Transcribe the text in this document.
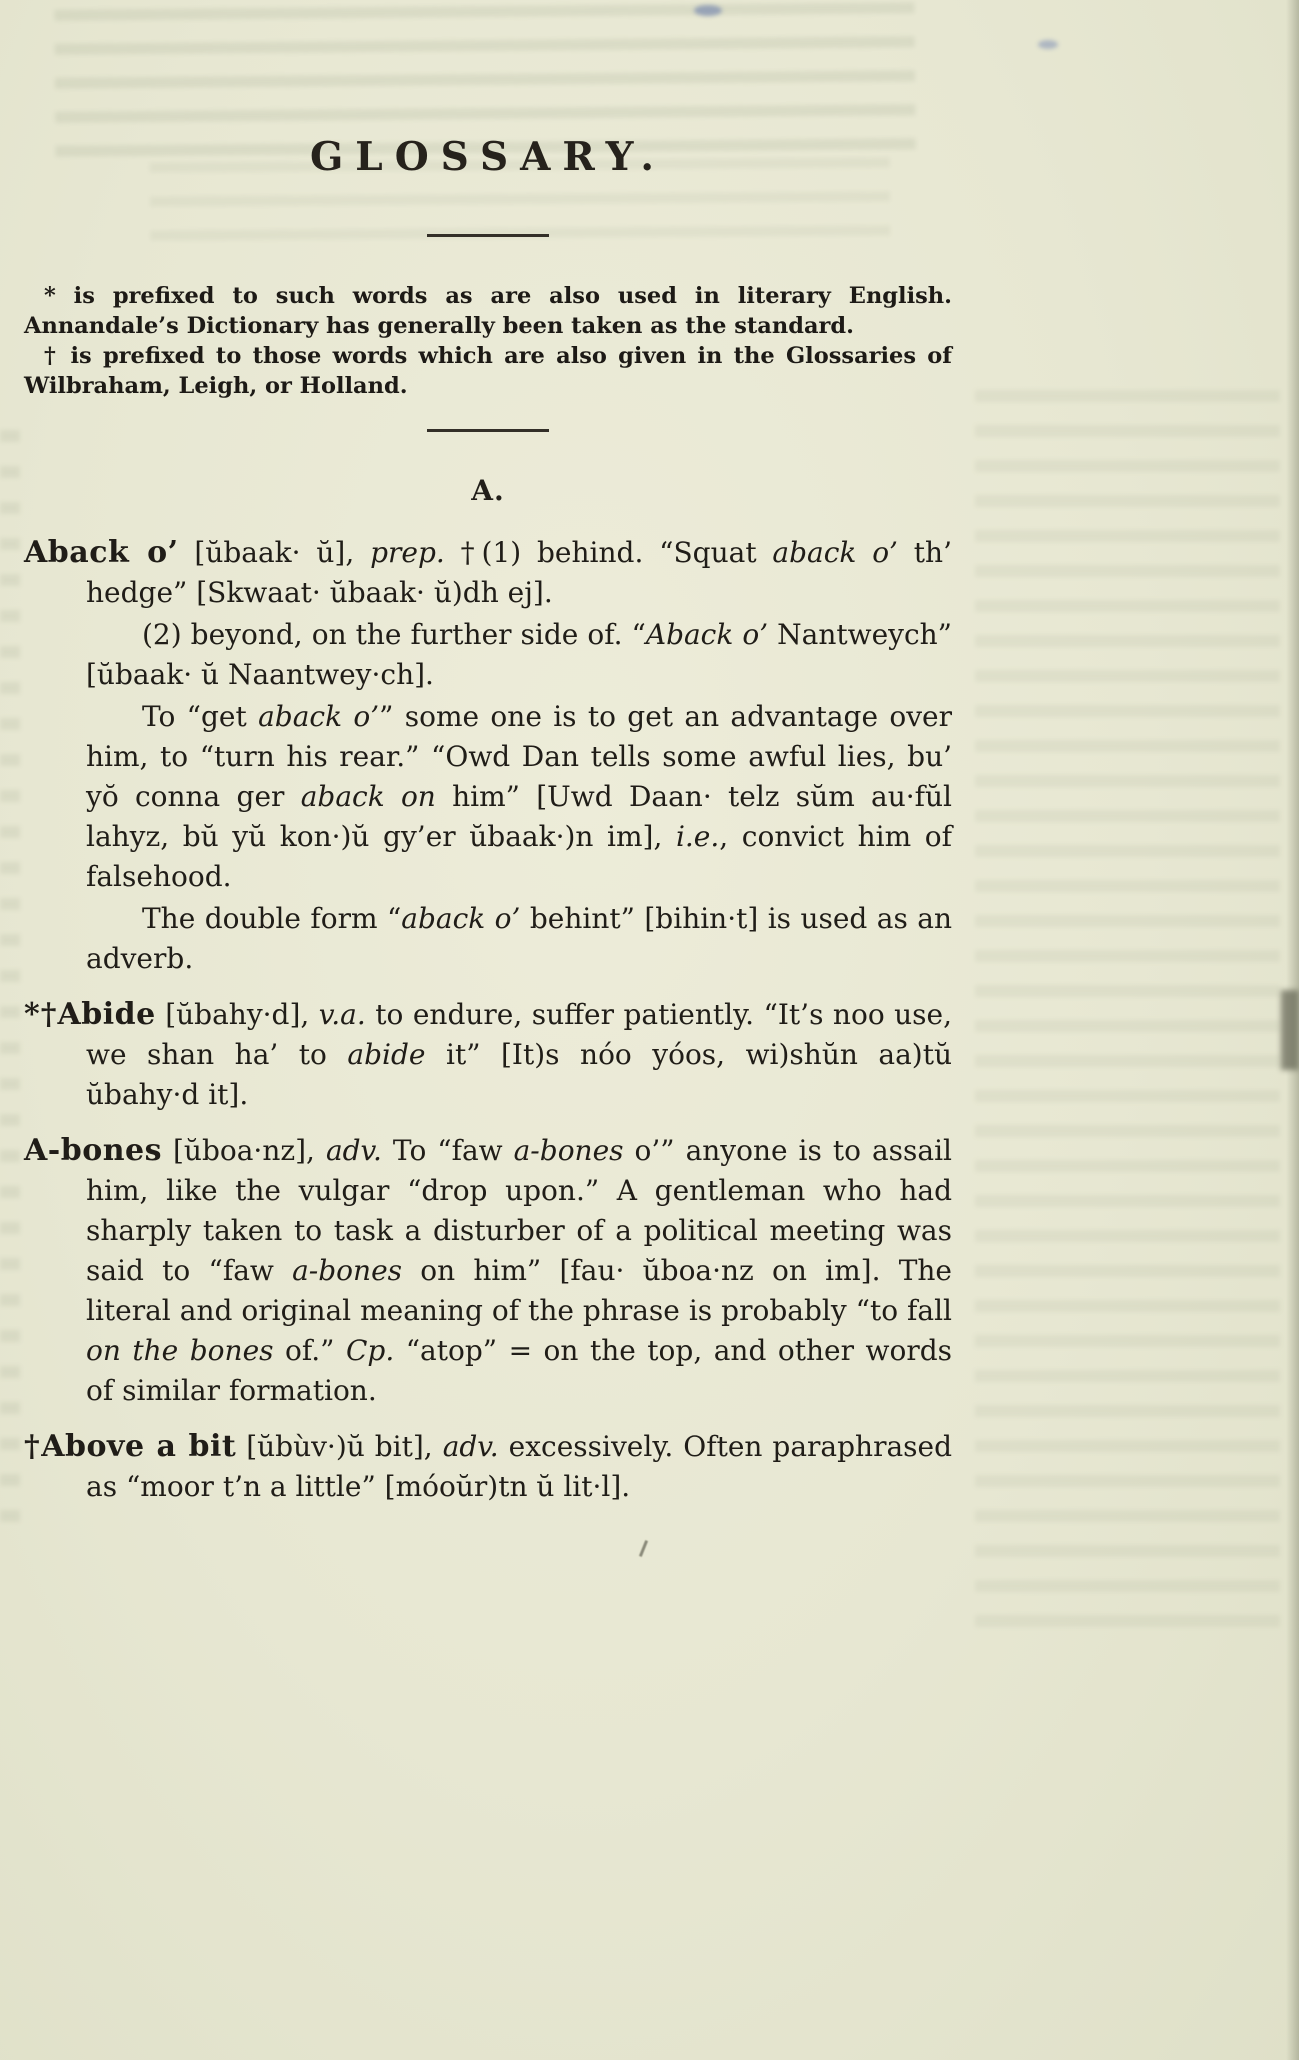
GLOSSARY.

* is prefixed to such words as are also used in literary English. Annandale’s Dictionary has generally been taken as the standard.

† is prefixed to those words which are also given in the Glossaries of Wilbraham, Leigh, or Holland.

A.

Aback o’ [ŭbaak· ŭ], prep. †(1) behind. “Squat aback o’ th’ hedge” [Skwaat· ŭbaak· ŭ)dh ej].

(2) beyond, on the further side of. “Aback o’ Nantweych” [ŭbaak· ŭ Naantwey·ch].

To “get aback o’” some one is to get an advantage over him, to “turn his rear.” “Owd Dan tells some awful lies, bu’ yŏ conna ger aback on him” [Uwd Daan· telz sŭm au·fŭl lahyz, bŭ yŭ kon·)ŭ gy’er ŭbaak·)n im], i.e., convict him of falsehood.

The double form “aback o’ behint” [bihin·t] is used as an adverb.

*†Abide [ŭbahy·d], v.a. to endure, suffer patiently. “It’s noo use, we shan ha’ to abide it” [It)s nóo yóos, wi)shŭn aa)tŭ ŭbahy·d it].

A-bones [ŭboa·nz], adv. To “faw a-bones o’” anyone is to assail him, like the vulgar “drop upon.” A gentleman who had sharply taken to task a disturber of a political meeting was said to “faw a-bones on him” [fau· ŭboa·nz on im]. The literal and original meaning of the phrase is probably “to fall on the bones of.” Cp. “atop” = on the top, and other words of similar formation.

†Above a bit [ŭbùv·)ŭ bit], adv. excessively. Often paraphrased as “moor t’n a little” [móoŭr)tn ŭ lit·l].
